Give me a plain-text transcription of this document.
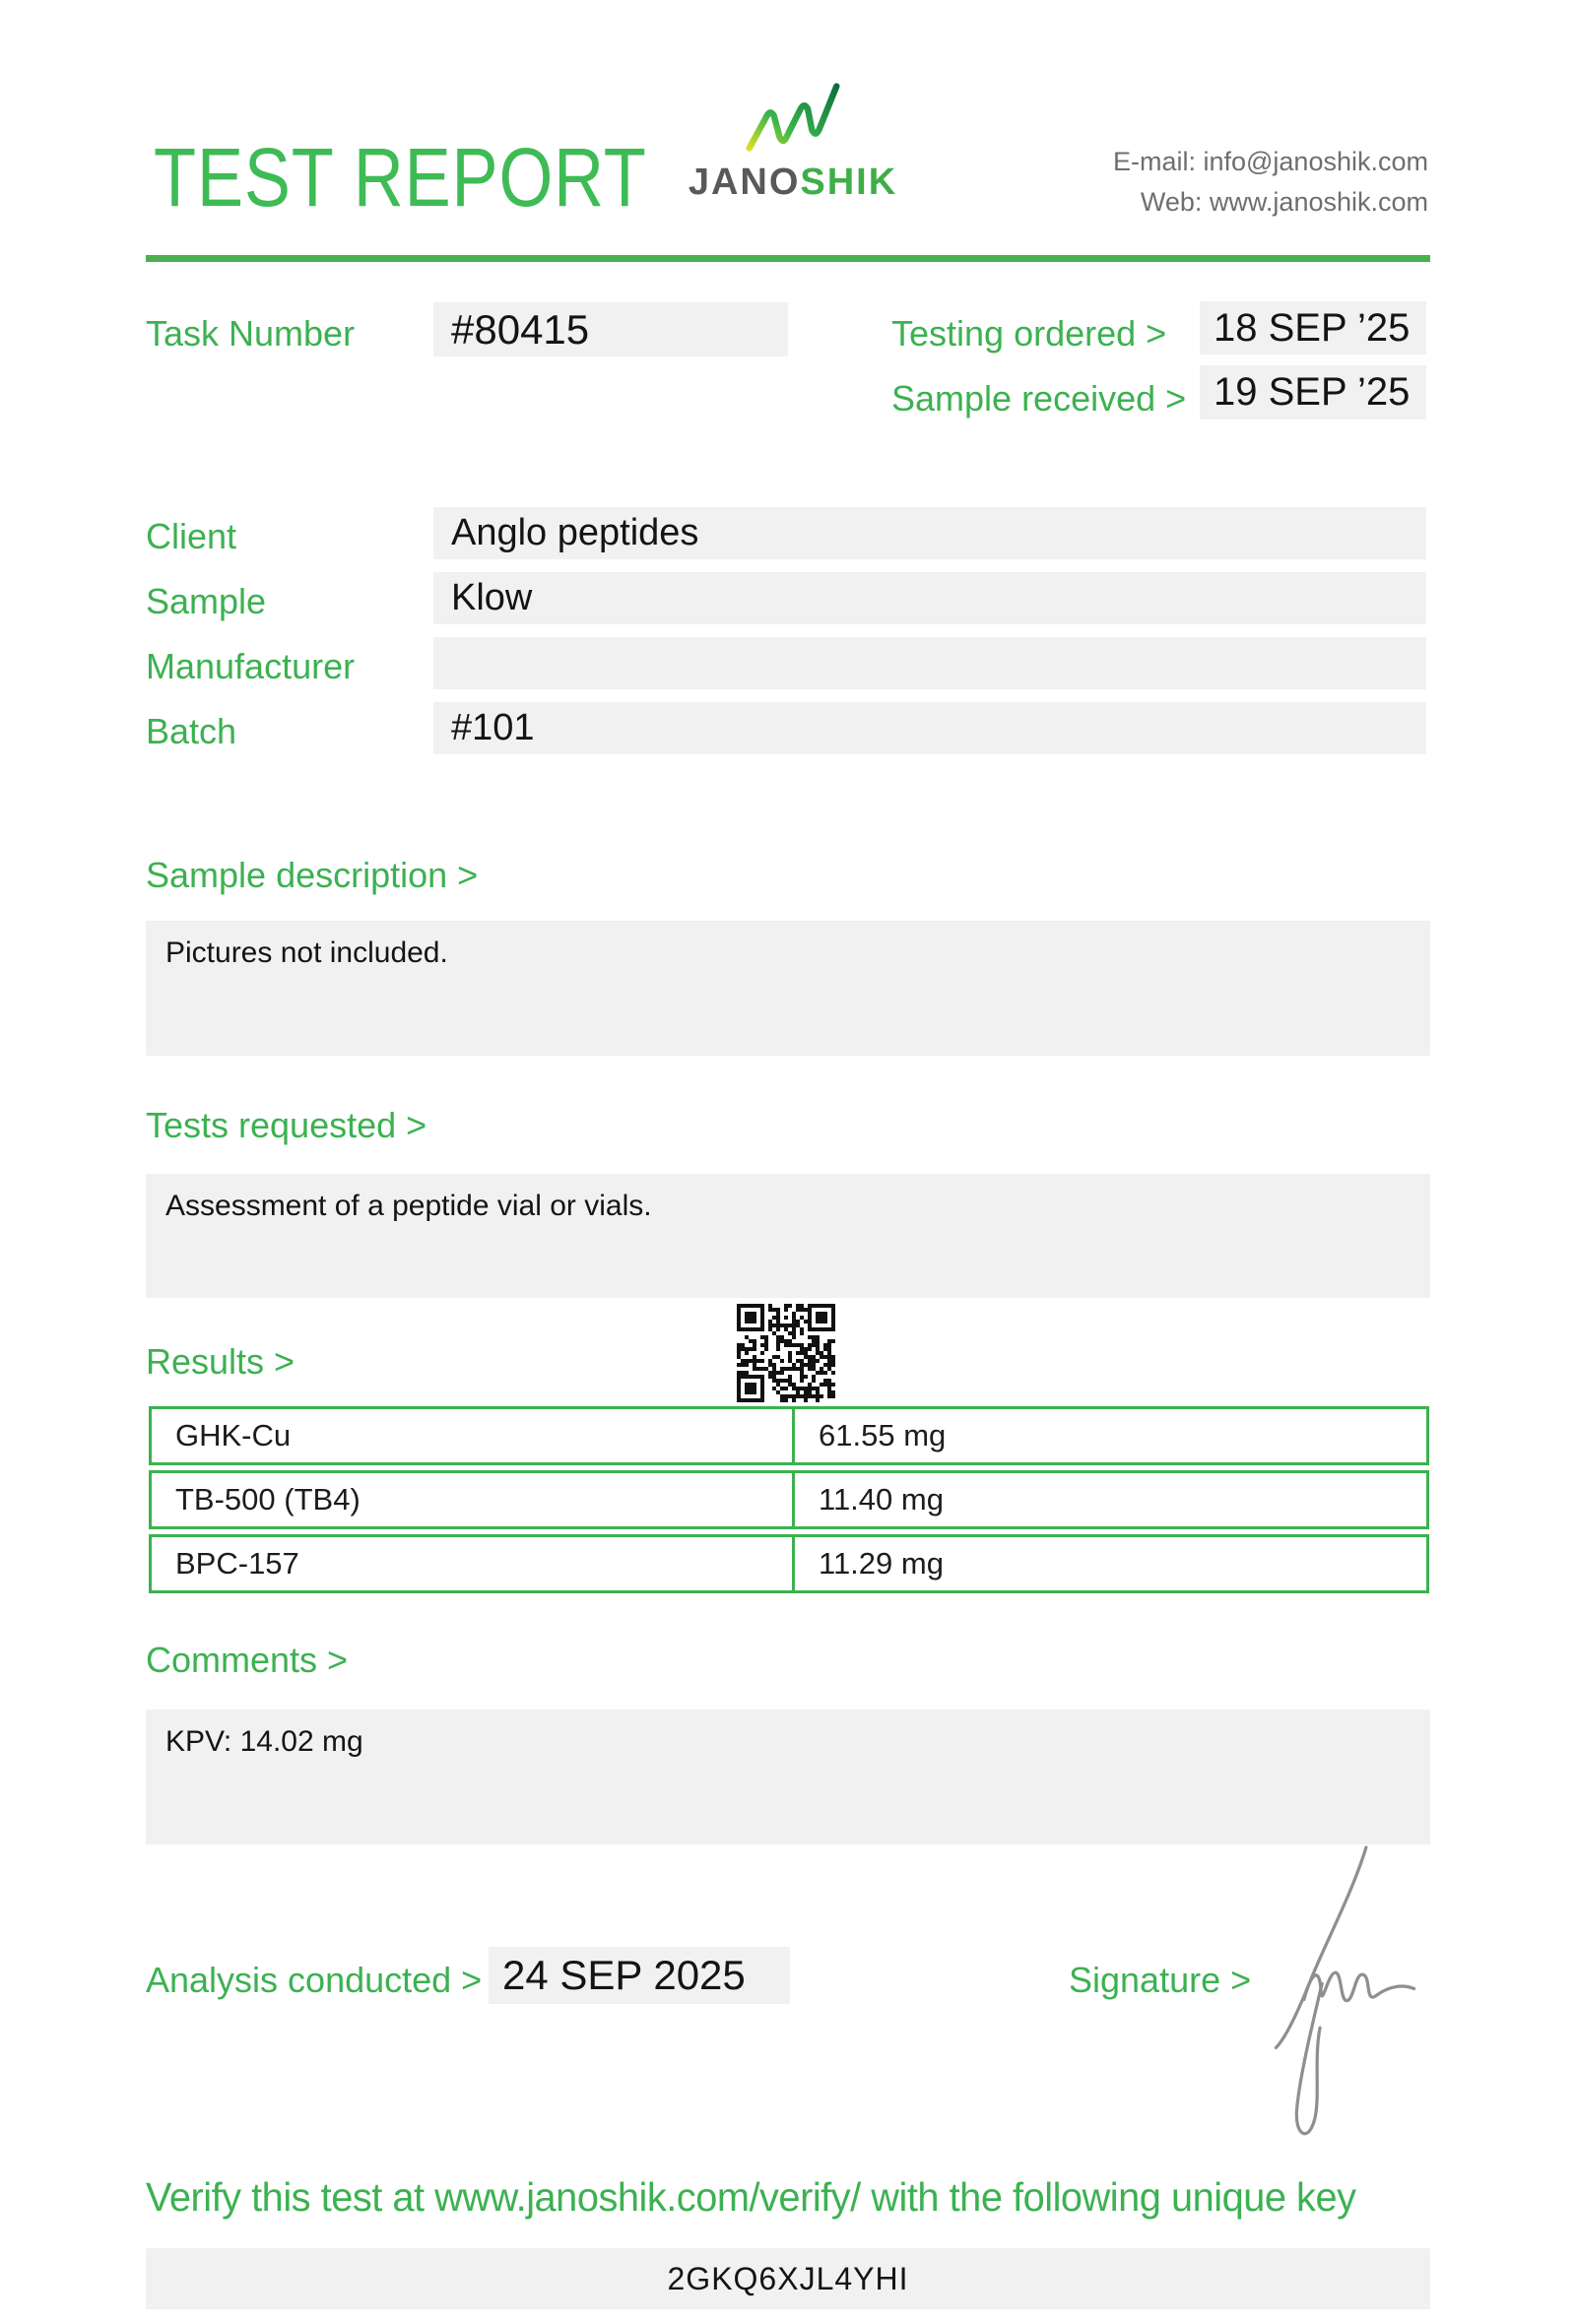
TEST REPORT JANOSHIK	E-mail: info@janoshik.com
Web: www.janoshik.com
Task Number	#80415	Testing ordered >	18 SEP ’25
Sample received > 19 SEP ’25
Client	Anglo peptides
Sample	Klow
Manufacturer
Batch	#101
Sample description >
Pictures not included.
Tests requested >
Assessment of a peptide vial or vials.
Results >
GHK-Cu	61.55 mg
TB-500 (TB4)	11.40 mg
BPC-157	11.29 mg
Comments >
KPV: 14.02 mg
Analysis conducted > 24 SEP 2025	Signature >
Verify this test at www.janoshik.com/verify/ with the following unique key
2GKQ6XJL4YHI
